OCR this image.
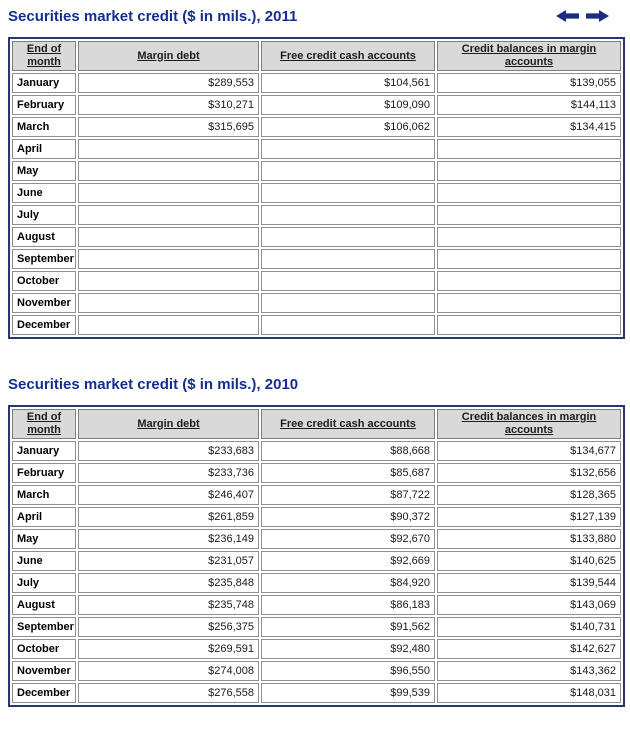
Securities market credit ($ in mils.), 2011
End of month	Margin debt	Free credit cash accounts	Credit balances in margin accounts
January	$289,553	$104,561	$139,055
February	$310,271	$109,090	$144,113
March	$315,695	$106,062	$134,415
April			
May			
June			
July			
August			
September			
October			
November			
December			
Securities market credit ($ in mils.), 2010
End of month	Margin debt	Free credit cash accounts	Credit balances in margin accounts
January	$233,683	$88,668	$134,677
February	$233,736	$85,687	$132,656
March	$246,407	$87,722	$128,365
April	$261,859	$90,372	$127,139
May	$236,149	$92,670	$133,880
June	$231,057	$92,669	$140,625
July	$235,848	$84,920	$139,544
August	$235,748	$86,183	$143,069
September	$256,375	$91,562	$140,731
October	$269,591	$92,480	$142,627
November	$274,008	$96,550	$143,362
December	$276,558	$99,539	$148,031
